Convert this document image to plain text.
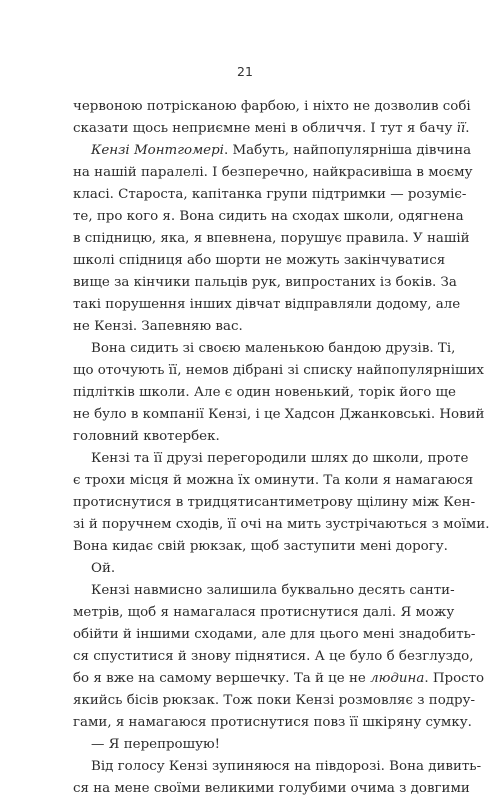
21

червоною потрісканою фарбою, і ніхто не дозволив собі
сказати щось неприємне мені в обличчя. І тут я бачу її.

Кензі Монтгомері. Мабуть, найпопулярніша дівчина
на нашій паралелі. І безперечно, найкрасивіша в моєму
класі. Староста, капітанка групи підтримки — розуміє-
те, про кого я. Вона сидить на сходах школи, одягнена
в спідницю, яка, я впевнена, порушує правила. У нашій
школі спідниця або шорти не можуть закінчуватися
вище за кінчики пальців рук, випростаних із боків. За
такі порушення інших дівчат відправляли додому, але
не Кензі. Запевняю вас.

Вона сидить зі своєю маленькою бандою друзів. Ті,
що оточують її, немов дібрані зі списку найпопулярніших
підлітків школи. Але є один новенький, торік його ще
не було в компанії Кензі, і це Хадсон Джанковські. Новий
головний квотербек.

Кензі та її друзі перегородили шлях до школи, проте
є трохи місця й можна їх оминути. Та коли я намагаюся
протиснутися в тридцятисантиметрову щілину між Кен-
зі й поручнем сходів, її очі на мить зустрічаються з моїми.
Вона кидає свій рюкзак, щоб заступити мені дорогу.

Ой.

Кензі навмисно залишила буквально десять санти-
метрів, щоб я намагалася протиснутися далі. Я можу
обійти й іншими сходами, але для цього мені знадобить-
ся спуститися й знову піднятися. А це було б безглуздо,
бо я вже на самому вершечку. Та й це не людина. Просто
якийсь бісів рюкзак. Тож поки Кензі розмовляє з подру-
гами, я намагаюся протиснутися повз її шкіряну сумку.

— Я перепрошую!

Від голосу Кензі зупиняюся на півдорозі. Вона дивить-
ся на мене своїми великими голубими очима з довгими
